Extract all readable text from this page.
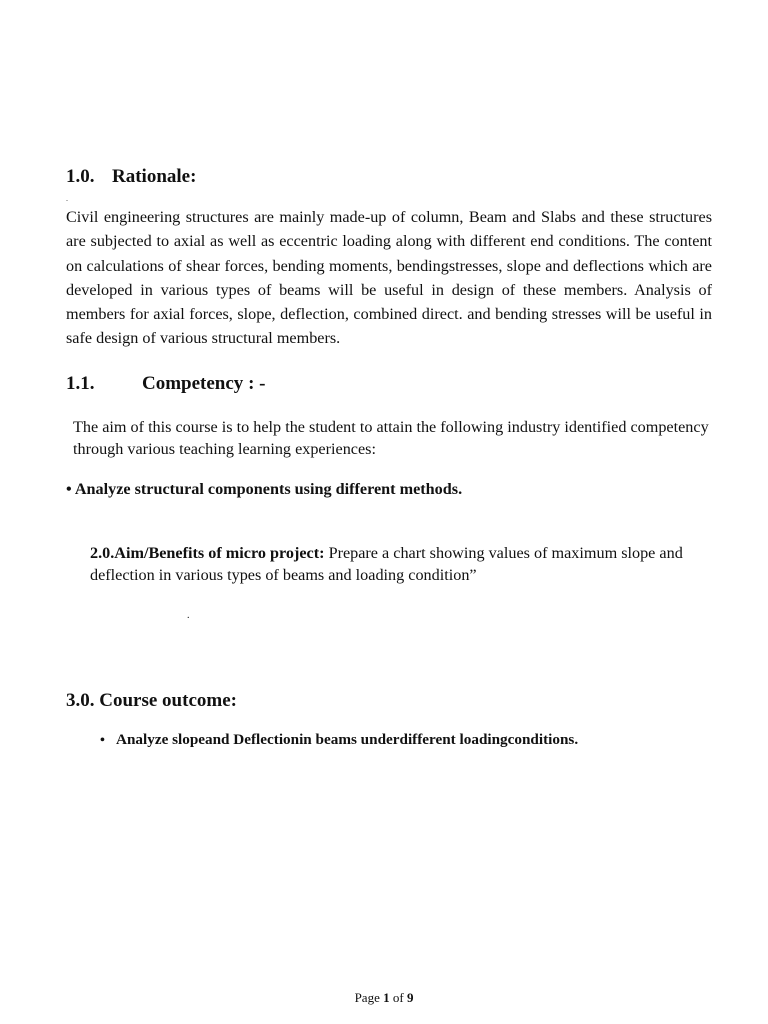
.
1.0. Rationale:

Civil engineering structures are mainly made-up of column, Beam and Slabs and these structures are subjected to axial as well as eccentric loading along with different end conditions. The content on calculations of shear forces, bending moments, bendingstresses, slope and deflections which are developed in various types of beams will be useful in design of these members. Analysis of members for axial forces, slope, deflection, combined direct. and bending stresses will be useful in safe design of various structural members.

1.1.	Competency : -

The aim of this course is to help the student to attain the following industry identified competency through various teaching learning experiences:

• Analyze structural components using different methods.

2.0.Aim/Benefits of micro project: Prepare a chart showing values of maximum slope and deflection in various types of beams and loading condition”

.
3.0. Course outcome:
• Analyze slopeand Deflectionin beams underdifferent loadingconditions.
Page 1 of 9
